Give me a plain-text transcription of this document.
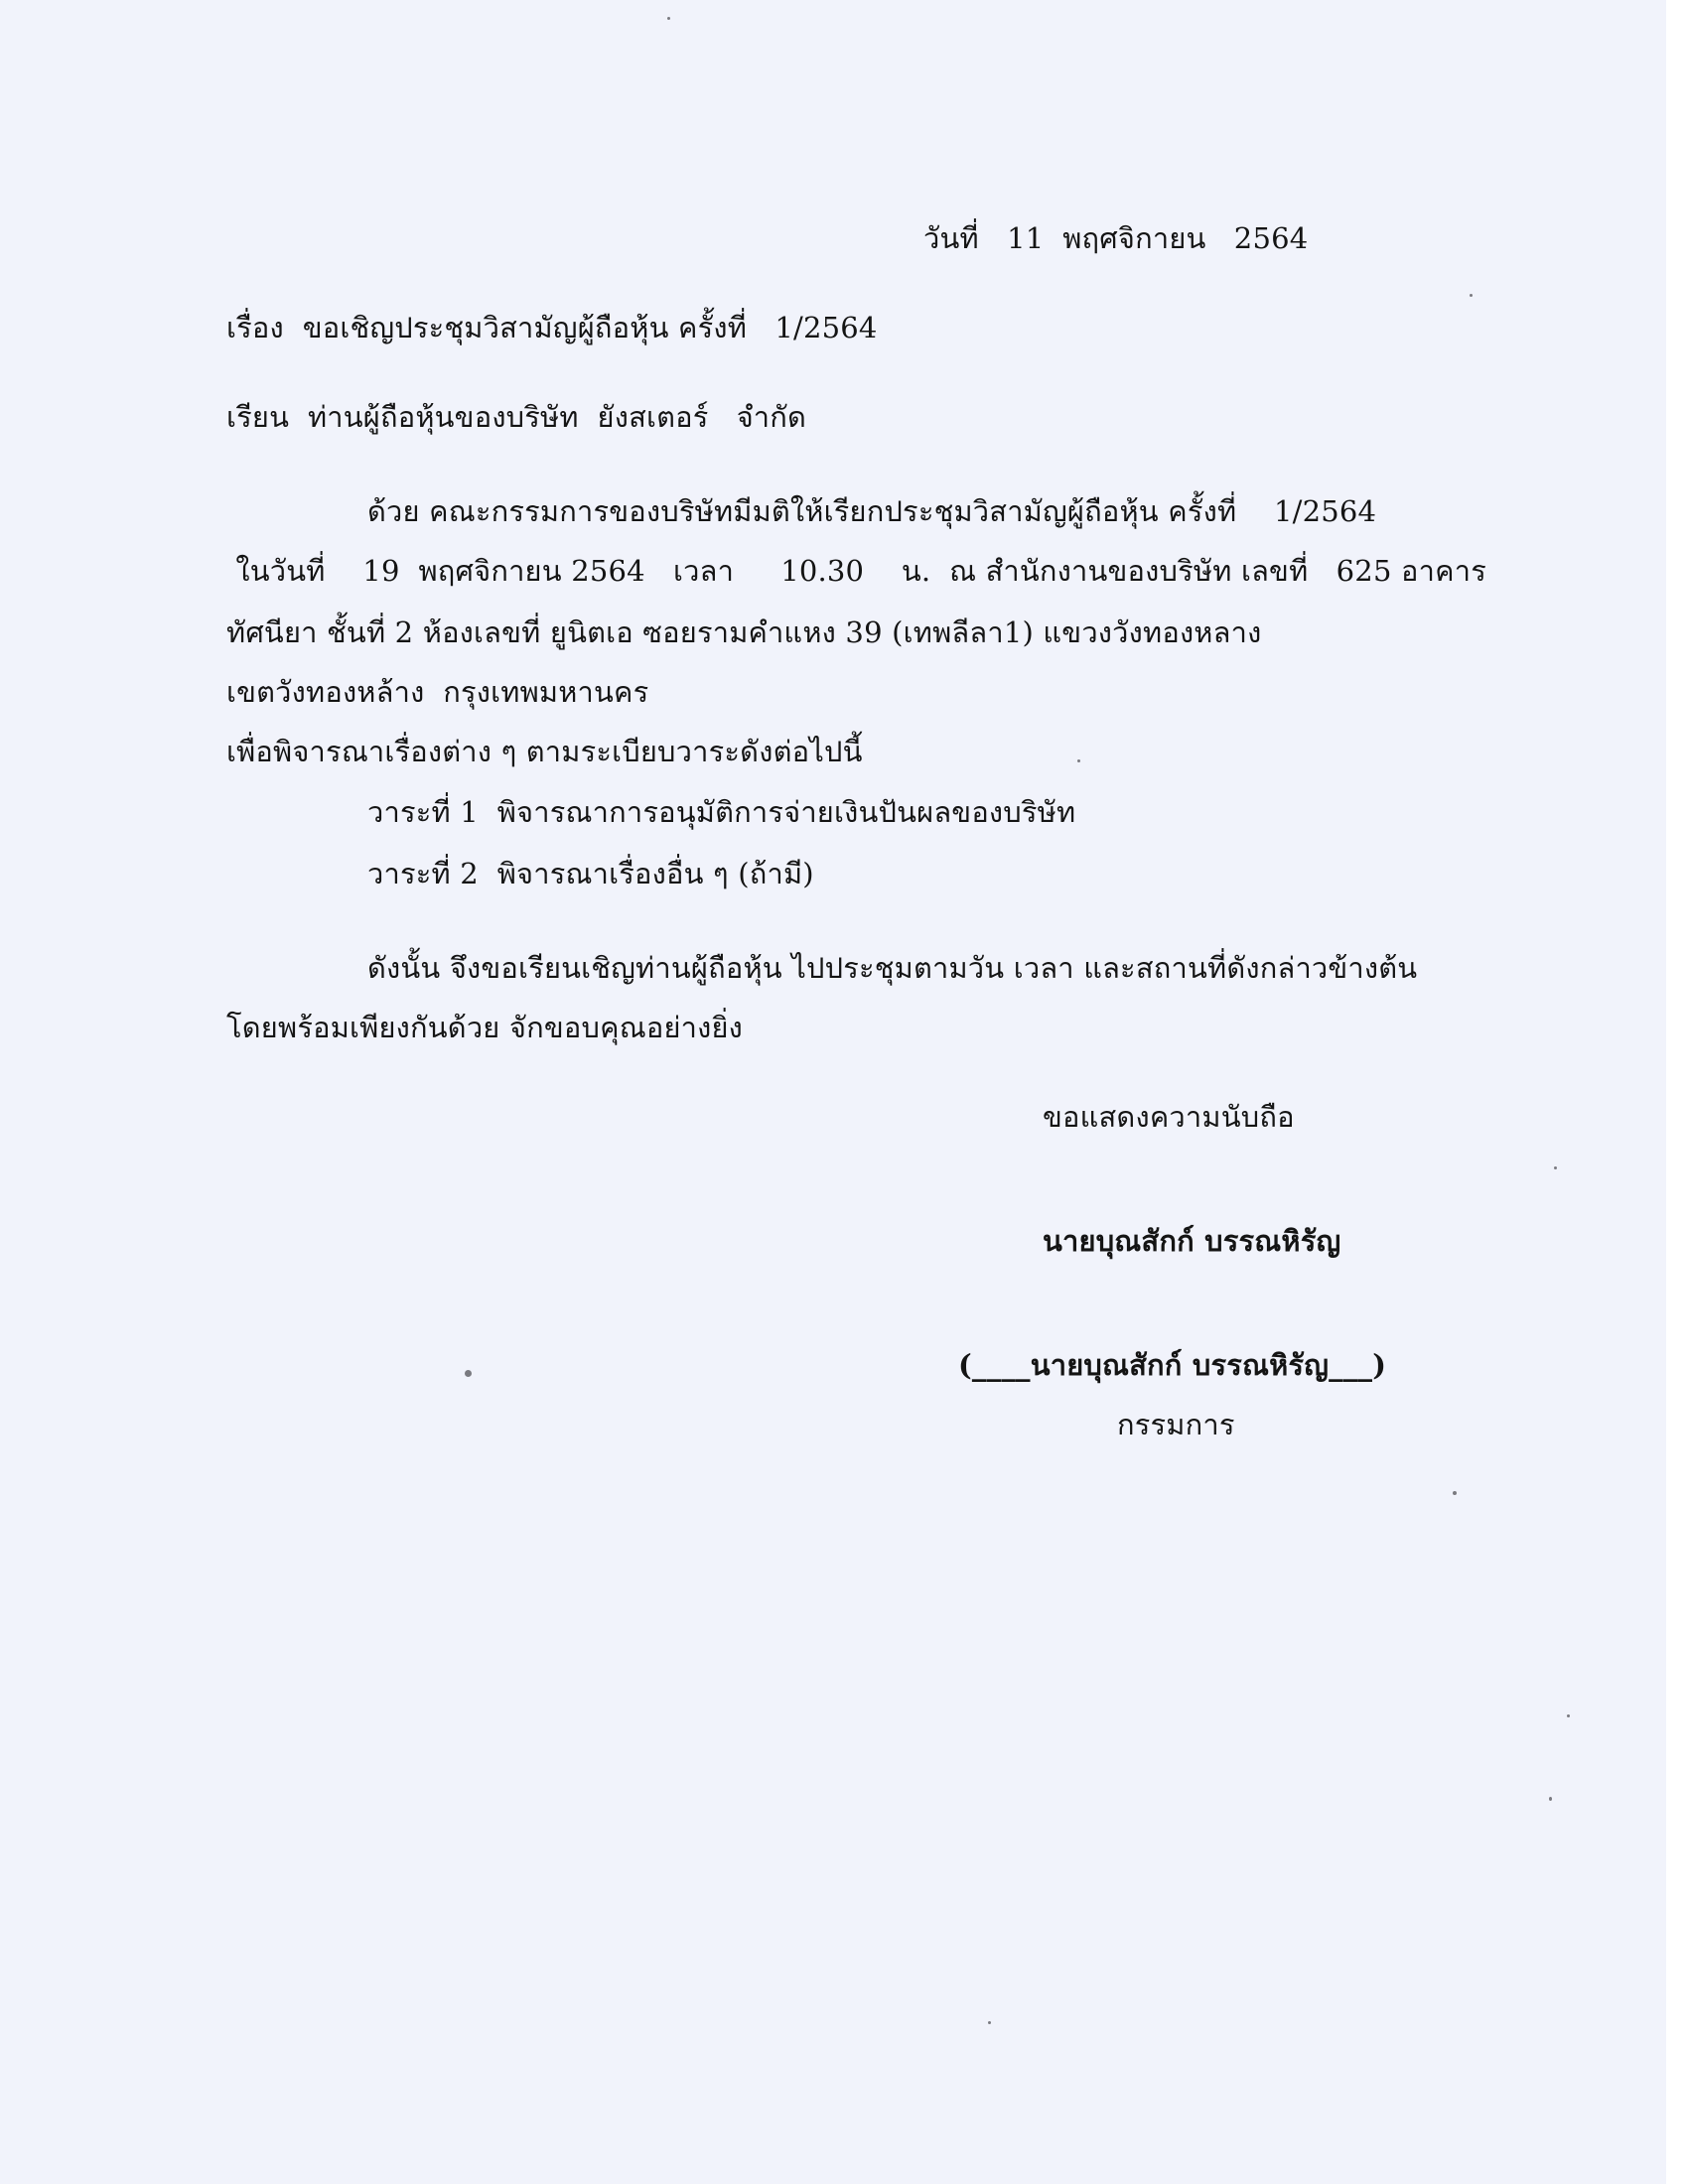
วันที่   11  พฤศจิกายน   2564
เรื่อง  ขอเชิญประชุมวิสามัญผู้ถือหุ้น ครั้งที่   1/2564
เรียน  ท่านผู้ถือหุ้นของบริษัท  ยังสเตอร์   จำกัด
ด้วย คณะกรรมการของบริษัทมีมติให้เรียกประชุมวิสามัญผู้ถือหุ้น ครั้งที่    1/2564
ในวันที่    19  พฤศจิกายน 2564   เวลา     10.30    น.  ณ สำนักงานของบริษัท เลขที่   625 อาคาร
ทัศนียา ชั้นที่ 2 ห้องเลขที่ ยูนิตเอ ซอยรามคำแหง 39 (เทพลีลา1) แขวงวังทองหลาง
เขตวังทองหล้าง  กรุงเทพมหานคร
เพื่อพิจารณาเรื่องต่าง ๆ ตามระเบียบวาระดังต่อไปนี้
วาระที่ 1  พิจารณาการอนุมัติการจ่ายเงินปันผลของบริษัท
วาระที่ 2  พิจารณาเรื่องอื่น ๆ (ถ้ามี)
ดังนั้น จึงขอเรียนเชิญท่านผู้ถือหุ้น ไปประชุมตามวัน เวลา และสถานที่ดังกล่าวข้างต้น
โดยพร้อมเพียงกันด้วย จักขอบคุณอย่างยิ่ง
ขอแสดงความนับถือ
นายบุณสักก์ บรรณหิรัญ
(____นายบุณสักก์ บรรณหิรัญ___)
กรรมการ
